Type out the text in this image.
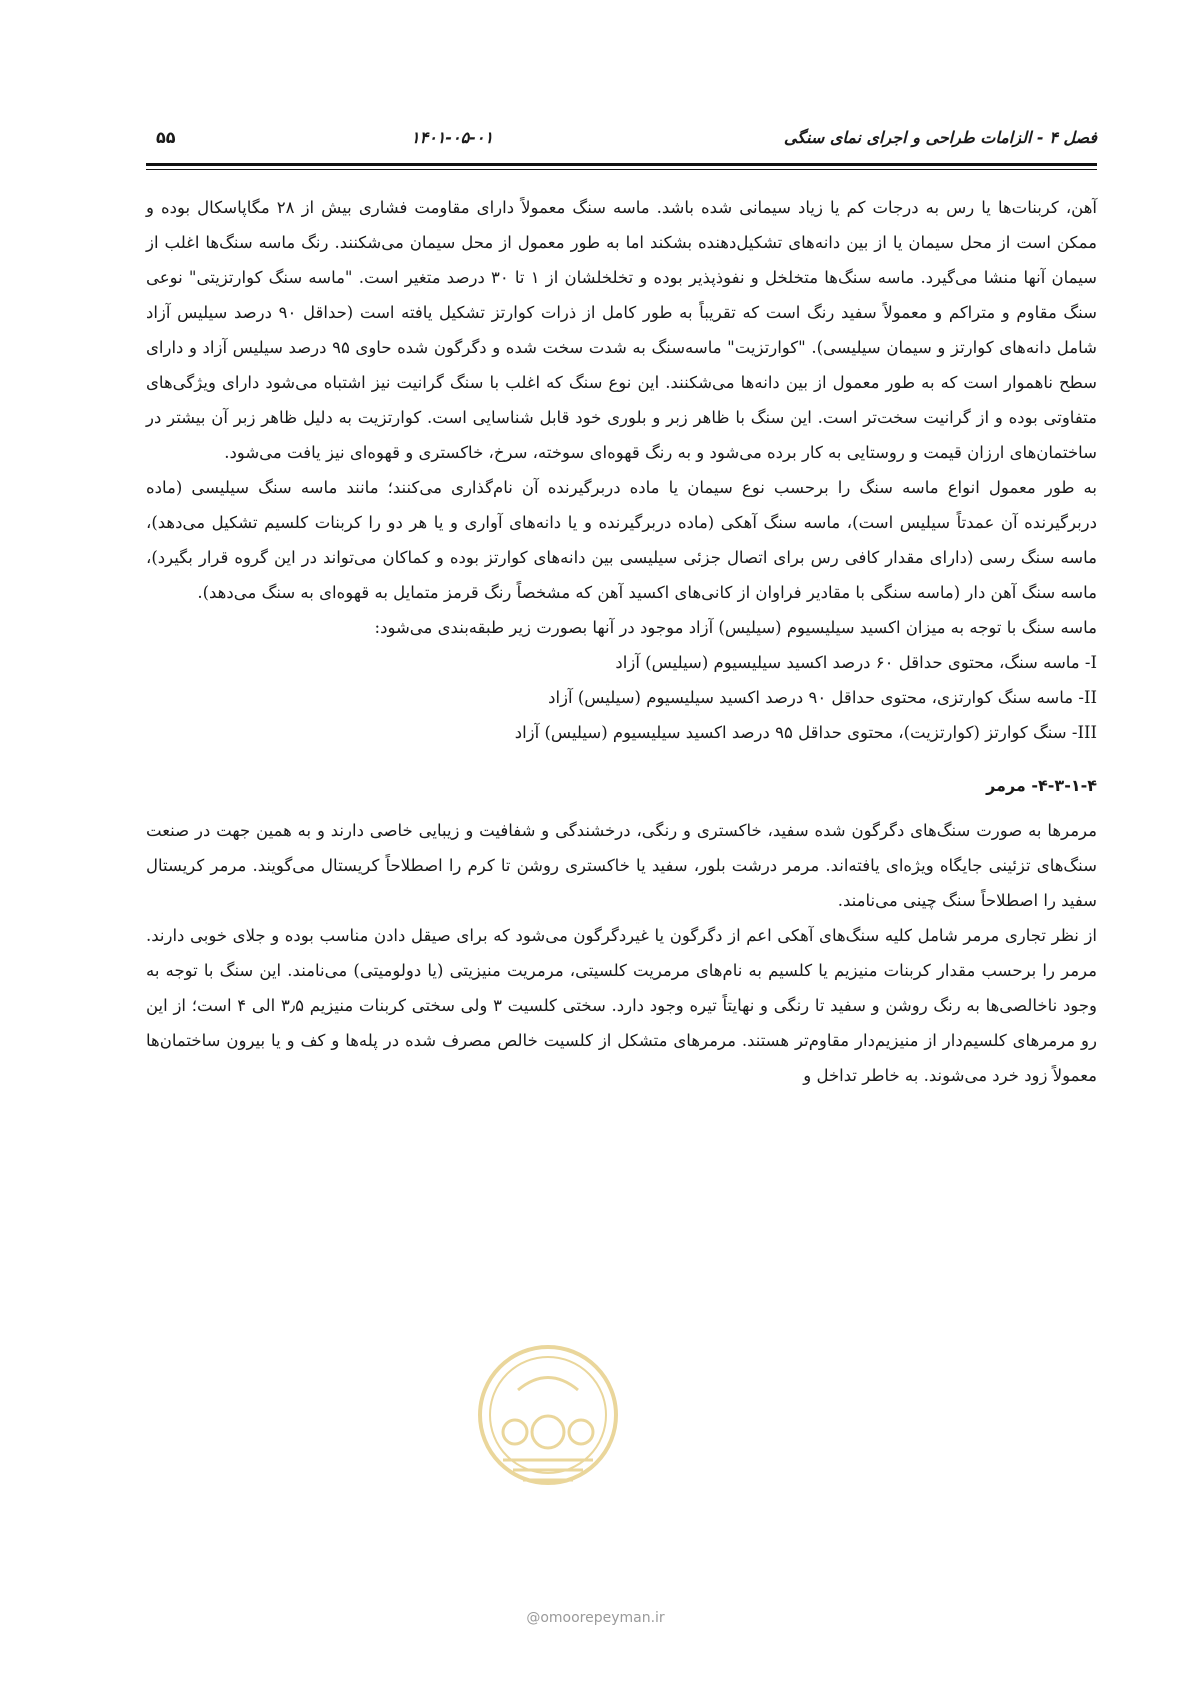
فصل ۴ - الزامات طراحی و اجرای نمای سنگی
۱۴۰۱-۰۵-۰۱
۵۵

آهن، کربنات‌ها یا رس به درجات کم یا زیاد سیمانی شده باشد. ماسه سنگ معمولاً دارای مقاومت فشاری بیش از ۲۸ مگاپاسکال بوده و ممکن است از محل سیمان یا از بین دانه‌های تشکیل‌دهنده بشکند اما به طور معمول از محل سیمان می‌شکنند. رنگ ماسه سنگ‌ها اغلب از سیمان آنها منشا می‌گیرد. ماسه سنگ‌ها متخلخل و نفوذپذیر بوده و تخلخلشان از ۱ تا ۳۰ درصد متغیر است. "ماسه سنگ کوارتزیتی" نوعی سنگ مقاوم و متراکم و معمولاً سفید رنگ است که تقریباً به طور کامل از ذرات کوارتز تشکیل یافته است (حداقل ۹۰ درصد سیلیس آزاد شامل دانه‌های کوارتز و سیمان سیلیسی). "کوارتزیت" ماسه‌سنگ به شدت سخت شده و دگرگون شده حاوی ۹۵ درصد سیلیس آزاد و دارای سطح ناهموار است که به طور معمول از بین دانه‌ها می‌شکنند. این نوع سنگ که اغلب با سنگ گرانیت نیز اشتباه می‌شود دارای ویژگی‌های متفاوتی بوده و از گرانیت سخت‌تر است. این سنگ با ظاهر زبر و بلوری خود قابل شناسایی است. کوارتزیت به دلیل ظاهر زبر آن بیشتر در ساختمان‌های ارزان قیمت و روستایی به کار برده می‌شود و به رنگ قهوه‌ای سوخته، سرخ، خاکستری و قهوه‌ای نیز یافت می‌شود.

به طور معمول انواع ماسه سنگ را برحسب نوع سیمان یا ماده دربرگیرنده آن نام‌گذاری می‌کنند؛ مانند ماسه سنگ سیلیسی (ماده دربرگیرنده آن عمدتاً سیلیس است)، ماسه سنگ آهکی (ماده دربرگیرنده و یا دانه‌های آواری و یا هر دو را کربنات کلسیم تشکیل می‌دهد)، ماسه سنگ رسی (دارای مقدار کافی رس برای اتصال جزئی سیلیسی بین دانه‌های کوارتز بوده و کماکان می‌تواند در این گروه قرار بگیرد)، ماسه سنگ آهن دار (ماسه سنگی با مقادیر فراوان از کانی‌های اکسید آهن که مشخصاً رنگ قرمز متمایل به قهوه‌ای به سنگ می‌دهد).

ماسه سنگ با توجه به میزان اکسید سیلیسیوم (سیلیس) آزاد موجود در آنها بصورت زیر طبقه‌بندی می‌شود:

I- ماسه سنگ، محتوی حداقل ۶۰ درصد اکسید سیلیسیوم (سیلیس) آزاد
II- ماسه سنگ کوارتزی، محتوی حداقل ۹۰ درصد اکسید سیلیسیوم (سیلیس) آزاد
III- سنگ کوارتز (کوارتزیت)، محتوی حداقل ۹۵ درصد اکسید سیلیسیوم (سیلیس) آزاد
۴-۳-۱-۴- مرمر

مرمرها به صورت سنگ‌های دگرگون شده سفید، خاکستری و رنگی، درخشندگی و شفافیت و زیبایی خاصی دارند و به همین جهت در صنعت سنگ‌های تزئینی جایگاه ویژه‌ای یافته‌اند. مرمر درشت بلور، سفید یا خاکستری روشن تا کرم را اصطلاحاً کریستال می‌گویند. مرمر کریستال سفید را اصطلاحاً سنگ چینی می‌نامند.

از نظر تجاری مرمر شامل کلیه سنگ‌های آهکی اعم از دگرگون یا غیردگرگون می‌شود که برای صیقل دادن مناسب بوده و جلای خوبی دارند. مرمر را برحسب مقدار کربنات منیزیم یا کلسیم به نام‌های مرمریت کلسیتی، مرمریت منیزیتی (یا دولومیتی) می‌نامند. این سنگ با توجه به وجود ناخالصی‌ها به رنگ روشن و سفید تا رنگی و نهایتاً تیره وجود دارد. سختی کلسیت ۳ ولی سختی کربنات منیزیم ۳٫۵ الی ۴ است؛ از این رو مرمرهای کلسیم‌دار از منیزیم‌دار مقاوم‌تر هستند. مرمرهای متشکل از کلسیت خالص مصرف شده در پله‌ها و کف و یا بیرون ساختمان‌ها معمولاً زود خرد می‌شوند. به خاطر تداخل و

@omoorepeyman.ir
